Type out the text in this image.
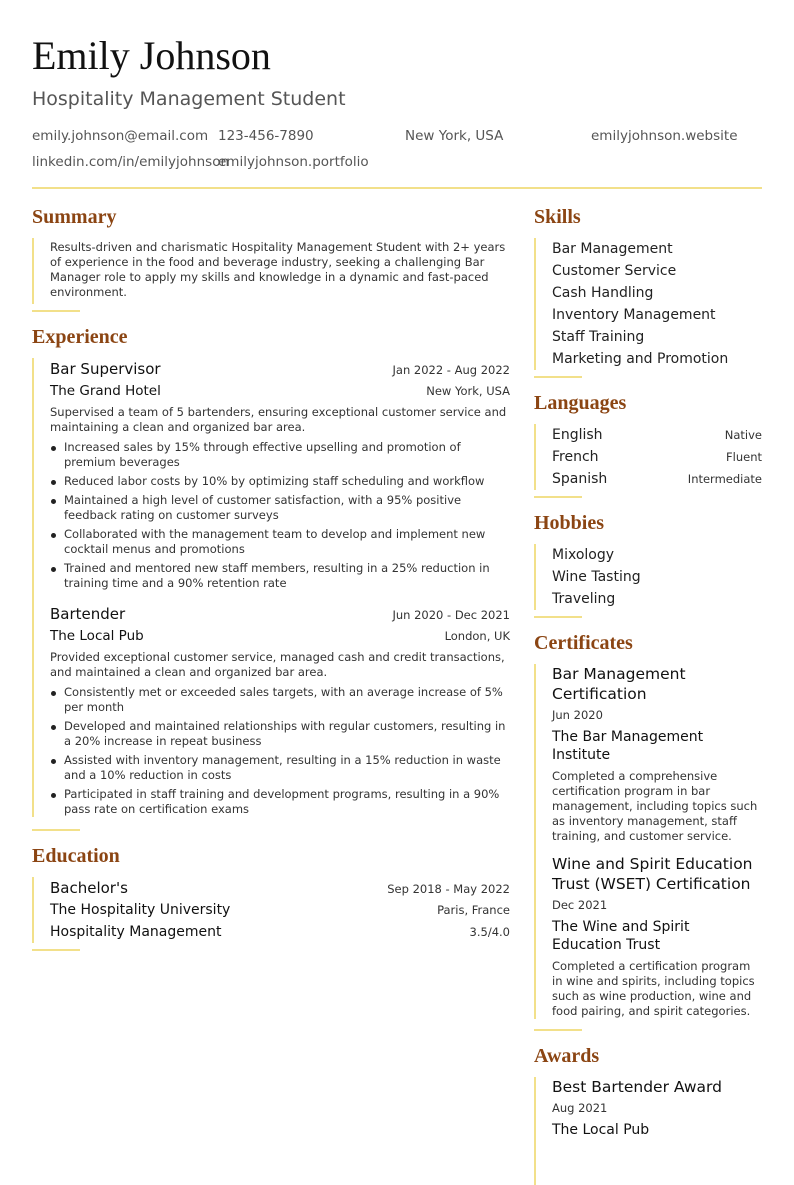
Emily Johnson
Hospitality Management Student
emily.johnson@email.com 123-456-7890	New York, USA	emilyjohnson.website
linkedin.com/in/emilyjohnson
emilyjohnson.portfolio
Summary
Results-driven and charismatic Hospitality Management Student with 2+ years of experience in the food and beverage industry, seeking a challenging Bar Manager role to apply my skills and knowledge in a dynamic and fast-paced environment.
Experience
Bar Supervisor	Jan 2022 - Aug 2022
The Grand Hotel	New York, USA
Supervised a team of 5 bartenders, ensuring exceptional customer service and maintaining a clean and organized bar area.
Increased sales by 15% through effective upselling and promotion of premium beverages
Reduced labor costs by 10% by optimizing staff scheduling and workflow
Maintained a high level of customer satisfaction, with a 95% positive feedback rating on customer surveys
Collaborated with the management team to develop and implement new cocktail menus and promotions
Trained and mentored new staff members, resulting in a 25% reduction in training time and a 90% retention rate
Bartender	Jun 2020 - Dec 2021
The Local Pub	London, UK
Provided exceptional customer service, managed cash and credit transactions, and maintained a clean and organized bar area.
Consistently met or exceeded sales targets, with an average increase of 5% per month
Developed and maintained relationships with regular customers, resulting in a 20% increase in repeat business
Assisted with inventory management, resulting in a 15% reduction in waste and a 10% reduction in costs
Participated in staff training and development programs, resulting in a 90% pass rate on certification exams
Education
Bachelor's	Sep 2018 - May 2022
The Hospitality University	Paris, France
Hospitality Management	3.5/4.0
Skills
Bar Management
Customer Service
Cash Handling
Inventory Management
Staff Training
Marketing and Promotion
Languages
English	Native
French	Fluent
Spanish	Intermediate
Hobbies
Mixology
Wine Tasting
Traveling
Certificates
Bar Management Certification
Jun 2020
The Bar Management Institute
Completed a comprehensive certification program in bar management, including topics such as inventory management, staff training, and customer service.
Wine and Spirit Education Trust (WSET) Certification
Dec 2021
The Wine and Spirit Education Trust
Completed a certification program in wine and spirits, including topics such as wine production, wine and food pairing, and spirit categories.
Awards
Best Bartender Award
Aug 2021
The Local Pub
